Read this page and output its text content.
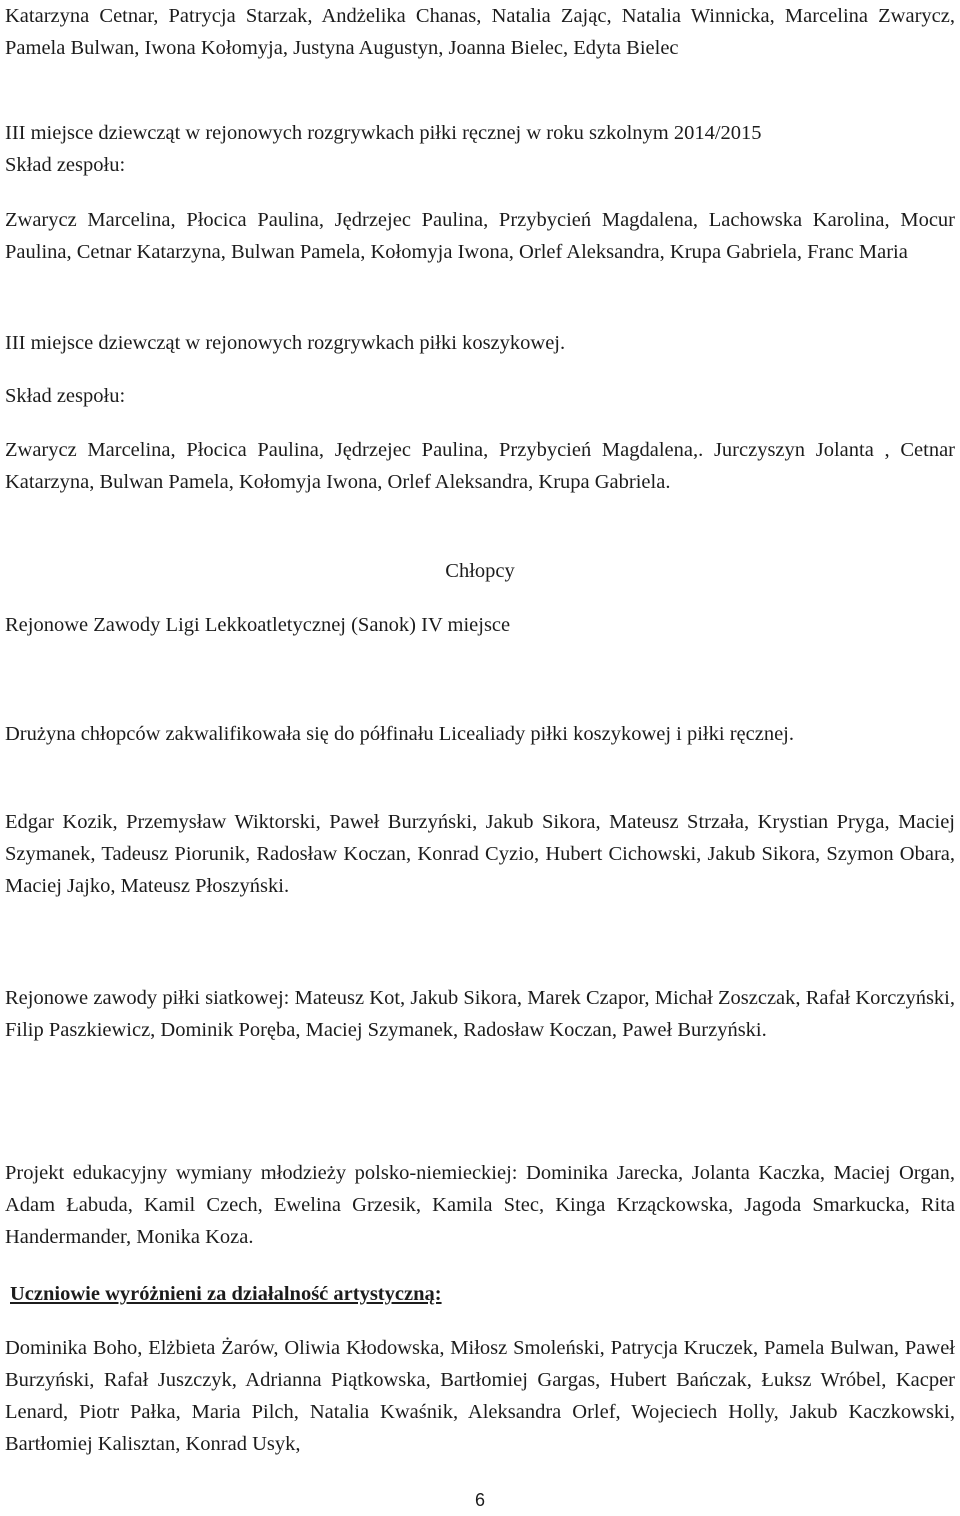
Katarzyna Cetnar, Patrycja Starzak, Andżelika Chanas, Natalia Zając, Natalia Winnicka, Marcelina Zwarycz, Pamela Bulwan, Iwona Kołomyja, Justyna Augustyn, Joanna Bielec, Edyta Bielec

III miejsce dziewcząt w rejonowych rozgrywkach piłki ręcznej w roku szkolnym 2014/2015

Skład zespołu:

Zwarycz Marcelina, Płocica Paulina, Jędrzejec Paulina, Przybycień Magdalena, Lachowska Karolina, Mocur Paulina, Cetnar Katarzyna, Bulwan Pamela, Kołomyja Iwona, Orlef Aleksandra, Krupa Gabriela, Franc Maria

III miejsce dziewcząt w rejonowych rozgrywkach piłki koszykowej.

Skład zespołu:

Zwarycz Marcelina, Płocica Paulina, Jędrzejec Paulina, Przybycień Magdalena,. Jurczyszyn Jolanta , Cetnar Katarzyna, Bulwan Pamela, Kołomyja Iwona, Orlef Aleksandra, Krupa Gabriela.

Chłopcy

Rejonowe Zawody Ligi Lekkoatletycznej (Sanok) IV miejsce

Drużyna chłopców zakwalifikowała się do półfinału Licealiady piłki koszykowej i piłki ręcznej.

Edgar Kozik, Przemysław Wiktorski, Paweł Burzyński, Jakub Sikora, Mateusz Strzała, Krystian Pryga, Maciej Szymanek, Tadeusz Piorunik, Radosław Koczan, Konrad Cyzio, Hubert Cichowski, Jakub Sikora, Szymon Obara, Maciej Jajko, Mateusz Płoszyński.

Rejonowe zawody piłki siatkowej: Mateusz Kot, Jakub Sikora, Marek Czapor, Michał Zoszczak, Rafał Korczyński, Filip Paszkiewicz, Dominik Poręba, Maciej Szymanek, Radosław Koczan, Paweł Burzyński.

Projekt edukacyjny wymiany młodzieży polsko-niemieckiej: Dominika Jarecka, Jolanta Kaczka, Maciej Organ, Adam Łabuda, Kamil Czech, Ewelina Grzesik, Kamila Stec, Kinga Krząckowska, Jagoda Smarkucka, Rita Handermander, Monika Koza.

Uczniowie wyróżnieni za działalność artystyczną:

Dominika Boho, Elżbieta Żarów, Oliwia Kłodowska, Miłosz Smoleński, Patrycja Kruczek, Pamela Bulwan, Paweł Burzyński, Rafał Juszczyk, Adrianna Piątkowska, Bartłomiej Gargas, Hubert Bańczak, Łuksz Wróbel, Kacper Lenard, Piotr Pałka, Maria Pilch, Natalia Kwaśnik, Aleksandra Orlef, Wojeciech Holly, Jakub Kaczkowski, Bartłomiej Kalisztan, Konrad Usyk,

6
